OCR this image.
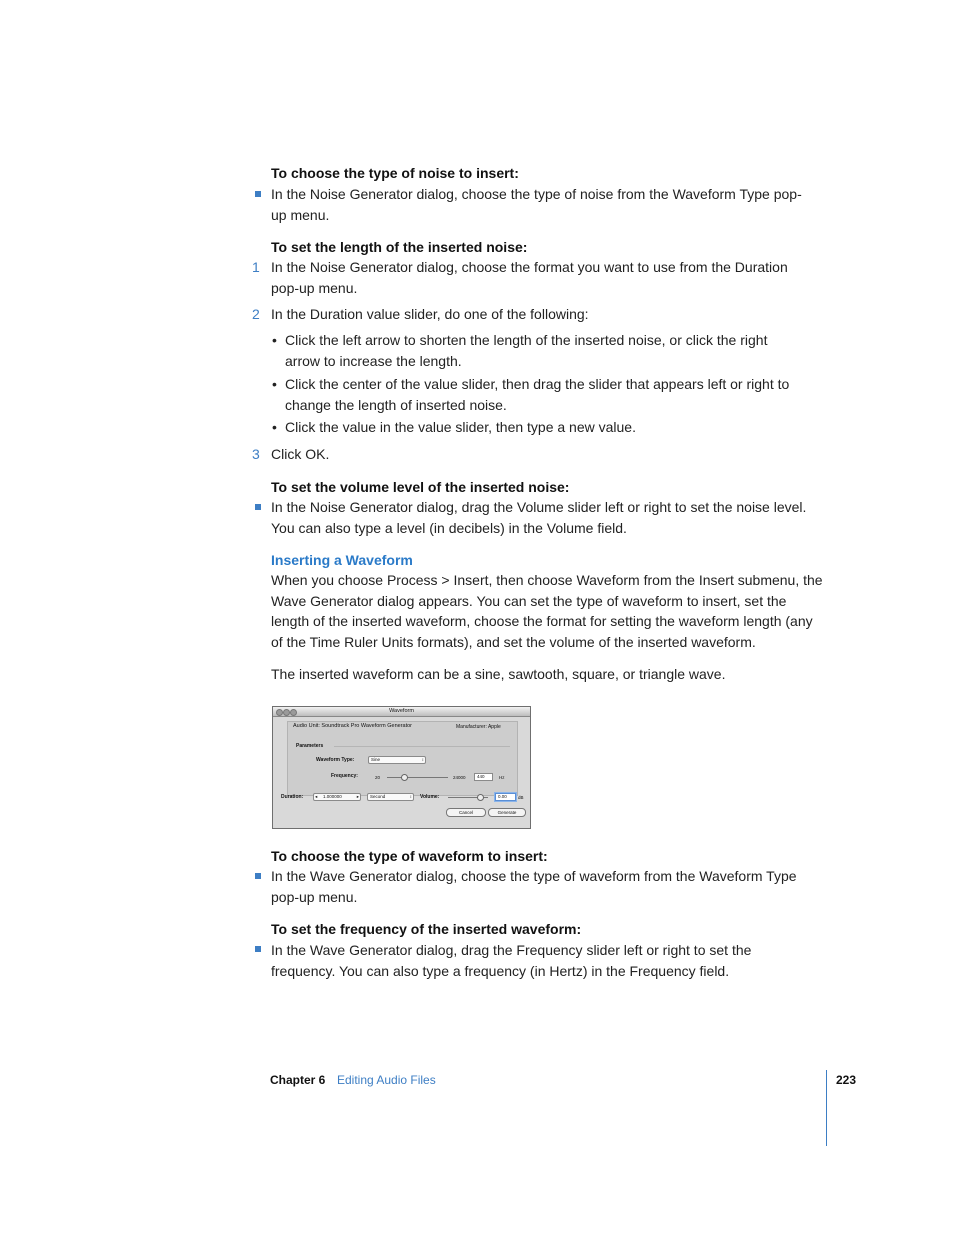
To choose the type of noise to insert:
In the Noise Generator dialog, choose the type of noise from the Waveform Type pop-up menu.
To set the length of the inserted noise:
1 In the Noise Generator dialog, choose the format you want to use from the Duration pop-up menu.
2 In the Duration value slider, do one of the following:
• Click the left arrow to shorten the length of the inserted noise, or click the right arrow to increase the length.
• Click the center of the value slider, then drag the slider that appears left or right to change the length of inserted noise.
• Click the value in the value slider, then type a new value.
3 Click OK.
To set the volume level of the inserted noise:
In the Noise Generator dialog, drag the Volume slider left or right to set the noise level. You can also type a level (in decibels) in the Volume field.
Inserting a Waveform
When you choose Process > Insert, then choose Waveform from the Insert submenu, the Wave Generator dialog appears. You can set the type of waveform to insert, set the length of the inserted waveform, choose the format for setting the waveform length (any of the Time Ruler Units formats), and set the volume of the inserted waveform.
The inserted waveform can be a sine, sawtooth, square, or triangle wave.
Waveform
Audio Unit: Soundtrack Pro Waveform Generator	Manufacturer: Apple
Parameters
Waveform Type:	Sine	↕
Frequency:	20	24000	440	Hz
Duration:	◂ 1.000000	▸	Second	↕ Volume:	0.00	dB
Cancel	Generate
To choose the type of waveform to insert:
In the Wave Generator dialog, choose the type of waveform from the Waveform Type pop-up menu.
To set the frequency of the inserted waveform:
In the Wave Generator dialog, drag the Frequency slider left or right to set the frequency. You can also type a frequency (in Hertz) in the Frequency field.
Chapter 6 Editing Audio Files	223
